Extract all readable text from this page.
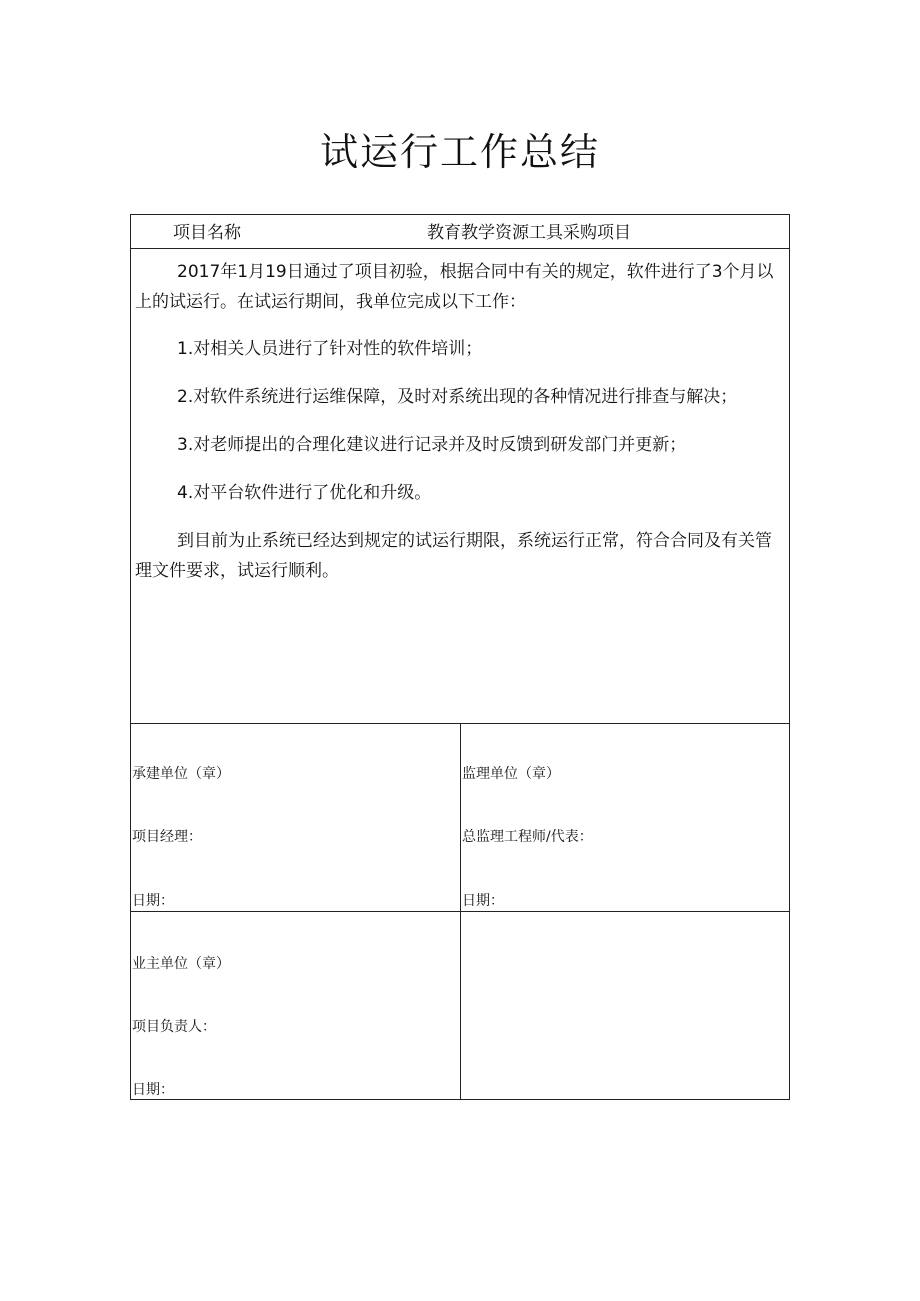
试运行工作总结
项目名称	教育教学资源工具采购项目

2017年1月19日通过了项目初验，根据合同中有关的规定，软件进行了3个月以上的试运行。在试运行期间，我单位完成以下工作：

1.对相关人员进行了针对性的软件培训；

2.对软件系统进行运维保障，及时对系统出现的各种情况进行排查与解决；

3.对老师提出的合理化建议进行记录并及时反馈到研发部门并更新；

4.对平台软件进行了优化和升级。

到目前为止系统已经达到规定的试运行期限，系统运行正常，符合合同及有关管理文件要求，试运行顺利。

承建单位（章）
项目经理：
日期：
监理单位（章）
总监理工程师/代表：
日期：
业主单位（章）
项目负责人：
日期：
